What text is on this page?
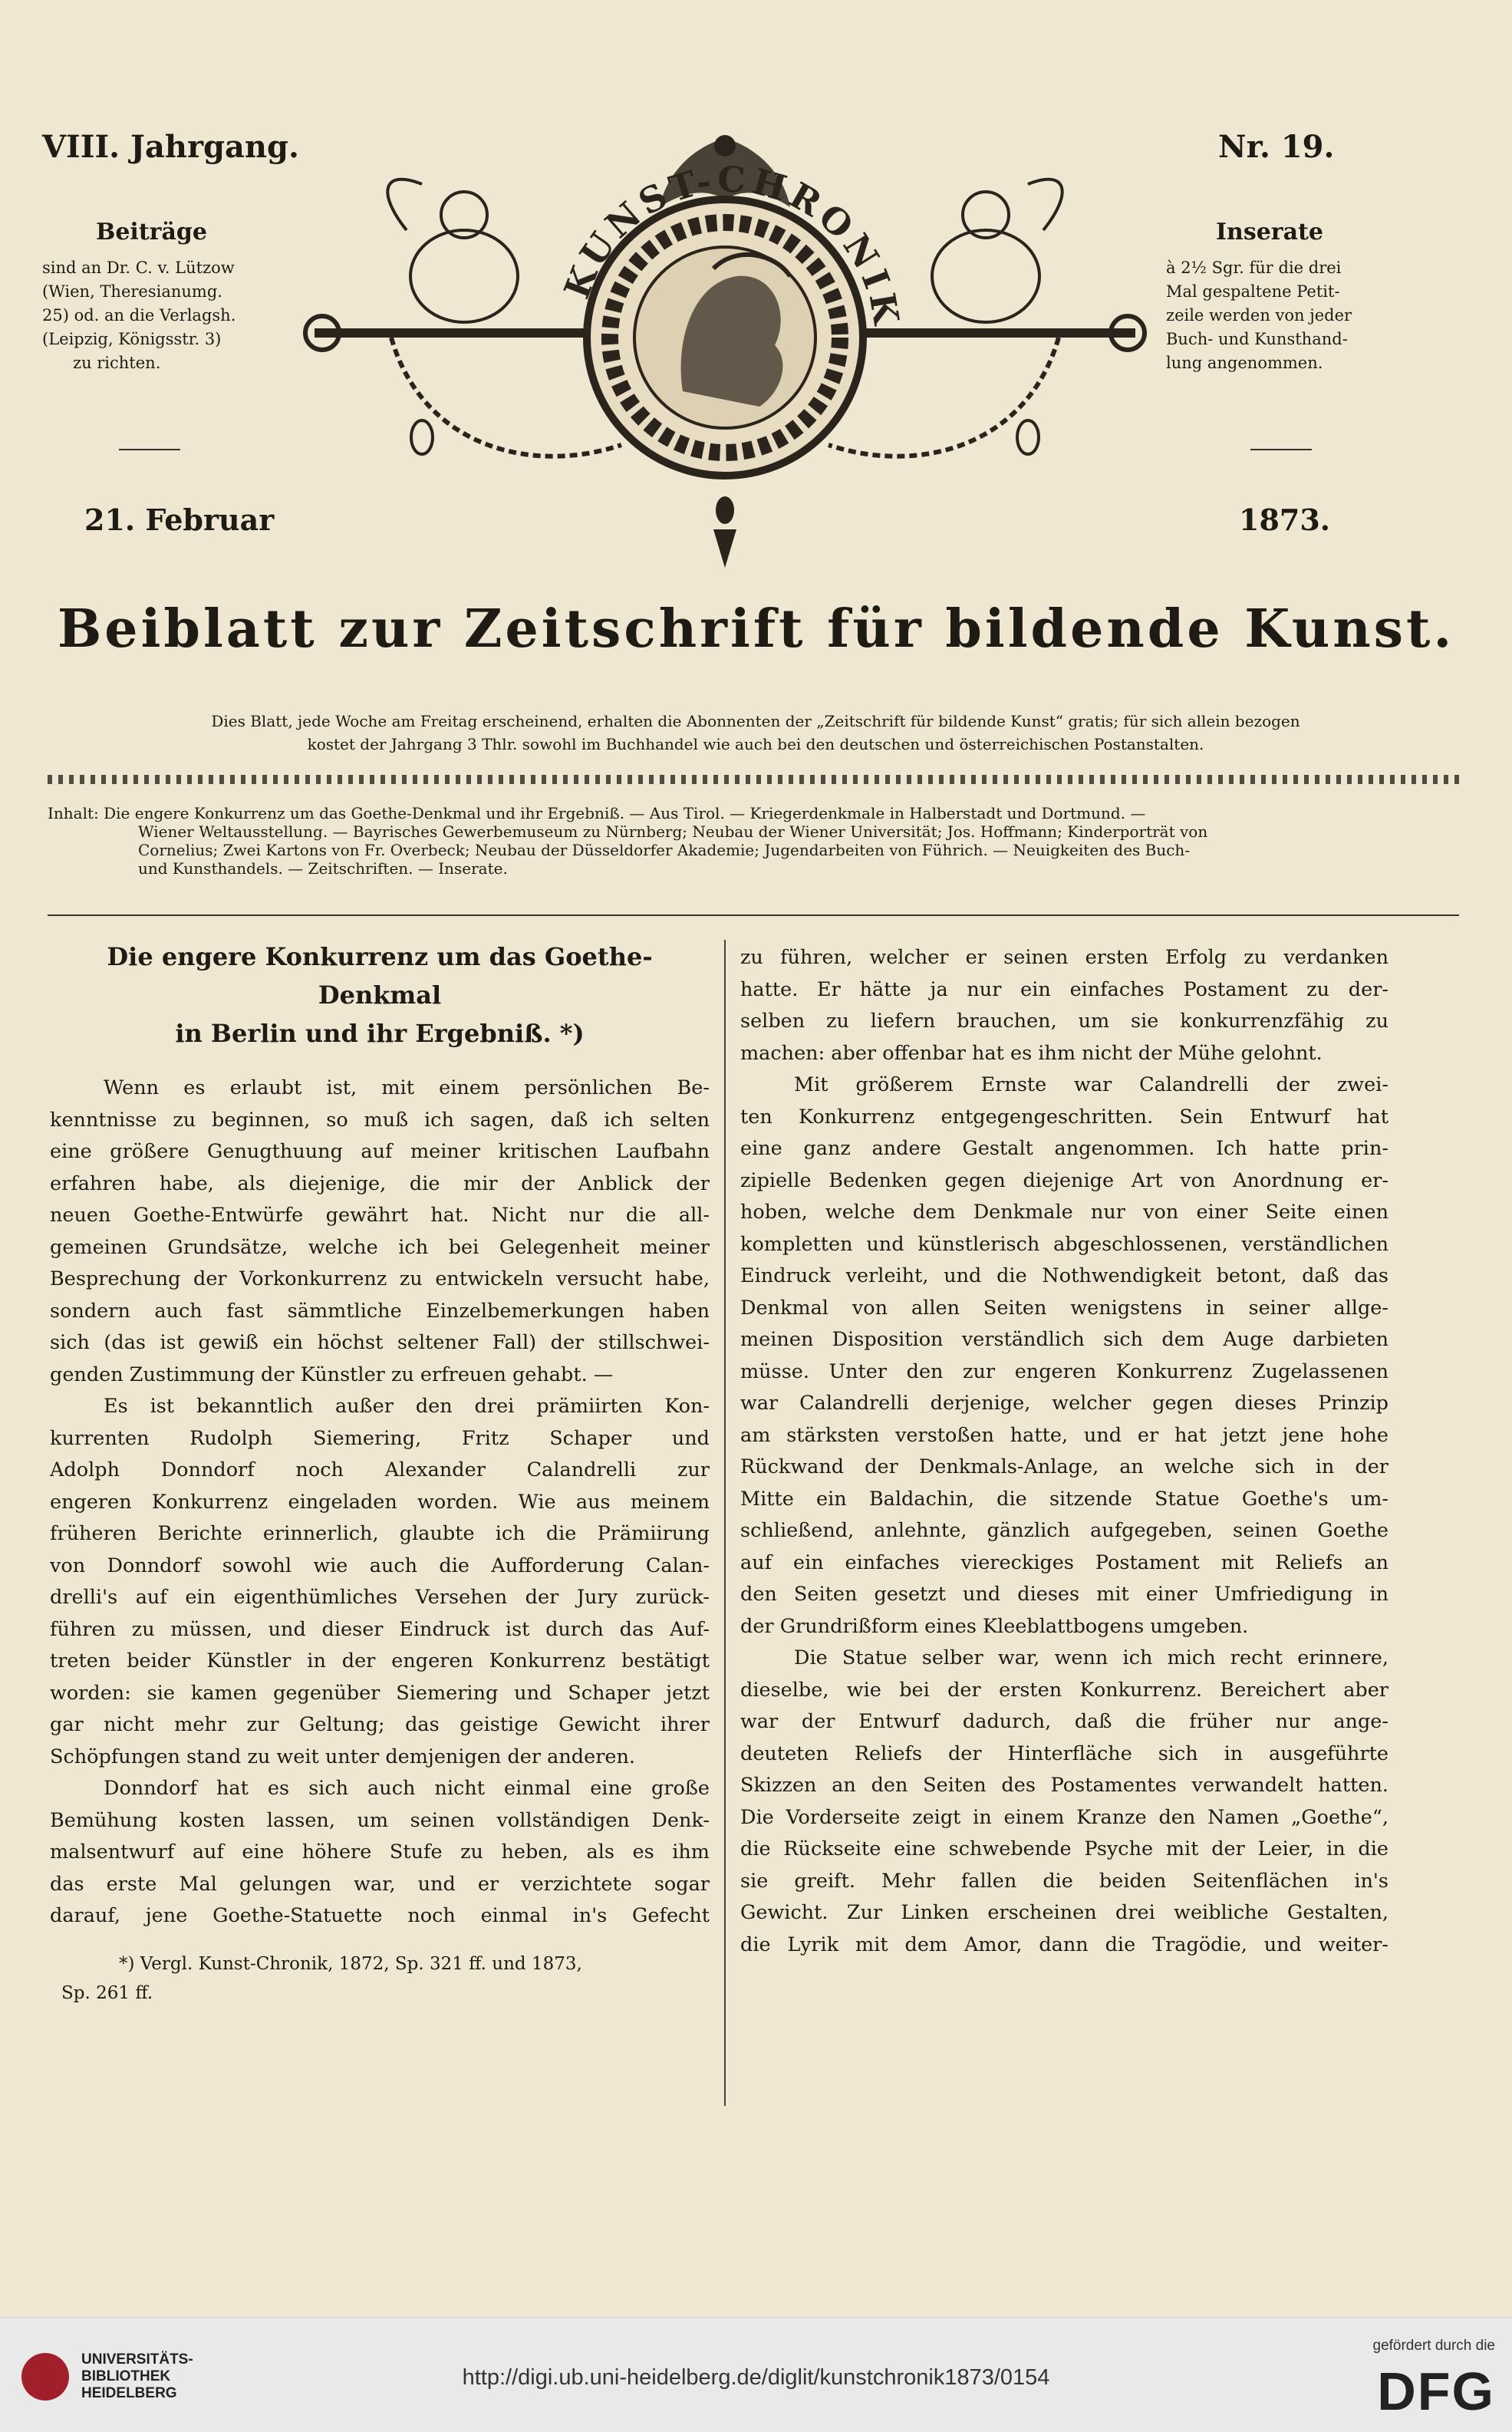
VIII. Jahrgang.	Nr. 19.
Beiträge
sind an Dr. C. v. Lützow
(Wien, Theresianumg.
25) od. an die Verlagsh.
(Leipzig, Königsstr. 3)
zu richten.
Inserate
à 2½ Sgr. für die drei
Mal gespaltene Petit-
zeile werden von jeder
Buch- und Kunsthand-
lung angenommen.
21. Februar	1873.
KUNST-CHRONIK
Beiblatt zur Zeitschrift für bildende Kunst.
Dies Blatt, jede Woche am Freitag erscheinend, erhalten die Abonnenten der „Zeitschrift für bildende Kunst“ gratis; für sich allein bezogen
kostet der Jahrgang 3 Thlr. sowohl im Buchhandel wie auch bei den deutschen und österreichischen Postanstalten.
Inhalt: Die engere Konkurrenz um das Goethe-Denkmal und ihr Ergebniß. — Aus Tirol. — Kriegerdenkmale in Halberstadt und Dortmund. —
Wiener Weltausstellung. — Bayrisches Gewerbemuseum zu Nürnberg; Neubau der Wiener Universität; Jos. Hoffmann; Kinderporträt von
Cornelius; Zwei Kartons von Fr. Overbeck; Neubau der Düsseldorfer Akademie; Jugendarbeiten von Führich. — Neuigkeiten des Buch-
und Kunsthandels. — Zeitschriften. — Inserate.
Die engere Konkurrenz um das Goethe-Denkmal
in Berlin und ihr Ergebniß. *)
Wenn es erlaubt ist, mit einem persönlichen Be-
kenntnisse zu beginnen, so muß ich sagen, daß ich selten
eine größere Genugthuung auf meiner kritischen Laufbahn
erfahren habe, als diejenige, die mir der Anblick der
neuen Goethe-Entwürfe gewährt hat. Nicht nur die all-
gemeinen Grundsätze, welche ich bei Gelegenheit meiner
Besprechung der Vorkonkurrenz zu entwickeln versucht habe,
sondern auch fast sämmtliche Einzelbemerkungen haben
sich (das ist gewiß ein höchst seltener Fall) der stillschwei-
genden Zustimmung der Künstler zu erfreuen gehabt. —
Es ist bekanntlich außer den drei prämiirten Kon-
kurrenten Rudolph Siemering, Fritz Schaper und
Adolph Donndorf noch Alexander Calandrelli zur
engeren Konkurrenz eingeladen worden. Wie aus meinem
früheren Berichte erinnerlich, glaubte ich die Prämiirung
von Donndorf sowohl wie auch die Aufforderung Calan-
drelli's auf ein eigenthümliches Versehen der Jury zurück-
führen zu müssen, und dieser Eindruck ist durch das Auf-
treten beider Künstler in der engeren Konkurrenz bestätigt
worden: sie kamen gegenüber Siemering und Schaper jetzt
gar nicht mehr zur Geltung; das geistige Gewicht ihrer
Schöpfungen stand zu weit unter demjenigen der anderen.
Donndorf hat es sich auch nicht einmal eine große
Bemühung kosten lassen, um seinen vollständigen Denk-
malsentwurf auf eine höhere Stufe zu heben, als es ihm
das erste Mal gelungen war, und er verzichtete sogar
darauf, jene Goethe-Statuette noch einmal in's Gefecht
*) Vergl. Kunst-Chronik, 1872, Sp. 321 ff. und 1873,
Sp. 261 ff.
zu führen, welcher er seinen ersten Erfolg zu verdanken
hatte. Er hätte ja nur ein einfaches Postament zu der-
selben zu liefern brauchen, um sie konkurrenzfähig zu
machen: aber offenbar hat es ihm nicht der Mühe gelohnt.
Mit größerem Ernste war Calandrelli der zwei-
ten Konkurrenz entgegengeschritten. Sein Entwurf hat
eine ganz andere Gestalt angenommen. Ich hatte prin-
zipielle Bedenken gegen diejenige Art von Anordnung er-
hoben, welche dem Denkmale nur von einer Seite einen
kompletten und künstlerisch abgeschlossenen, verständlichen
Eindruck verleiht, und die Nothwendigkeit betont, daß das
Denkmal von allen Seiten wenigstens in seiner allge-
meinen Disposition verständlich sich dem Auge darbieten
müsse. Unter den zur engeren Konkurrenz Zugelassenen
war Calandrelli derjenige, welcher gegen dieses Prinzip
am stärksten verstoßen hatte, und er hat jetzt jene hohe
Rückwand der Denkmals-Anlage, an welche sich in der
Mitte ein Baldachin, die sitzende Statue Goethe's um-
schließend, anlehnte, gänzlich aufgegeben, seinen Goethe
auf ein einfaches viereckiges Postament mit Reliefs an
den Seiten gesetzt und dieses mit einer Umfriedigung in
der Grundrißform eines Kleeblattbogens umgeben.
Die Statue selber war, wenn ich mich recht erinnere,
dieselbe, wie bei der ersten Konkurrenz. Bereichert aber
war der Entwurf dadurch, daß die früher nur ange-
deuteten Reliefs der Hinterfläche sich in ausgeführte
Skizzen an den Seiten des Postamentes verwandelt hatten.
Die Vorderseite zeigt in einem Kranze den Namen „Goethe“,
die Rückseite eine schwebende Psyche mit der Leier, in die
sie greift. Mehr fallen die beiden Seitenflächen in's
Gewicht. Zur Linken erscheinen drei weibliche Gestalten,
die Lyrik mit dem Amor, dann die Tragödie, und weiter-
UNIVERSITÄTS-
BIBLIOTHEK
HEIDELBERG
http://digi.ub.uni-heidelberg.de/diglit/kunstchronik1873/0154
gefördert durch die
DFG
